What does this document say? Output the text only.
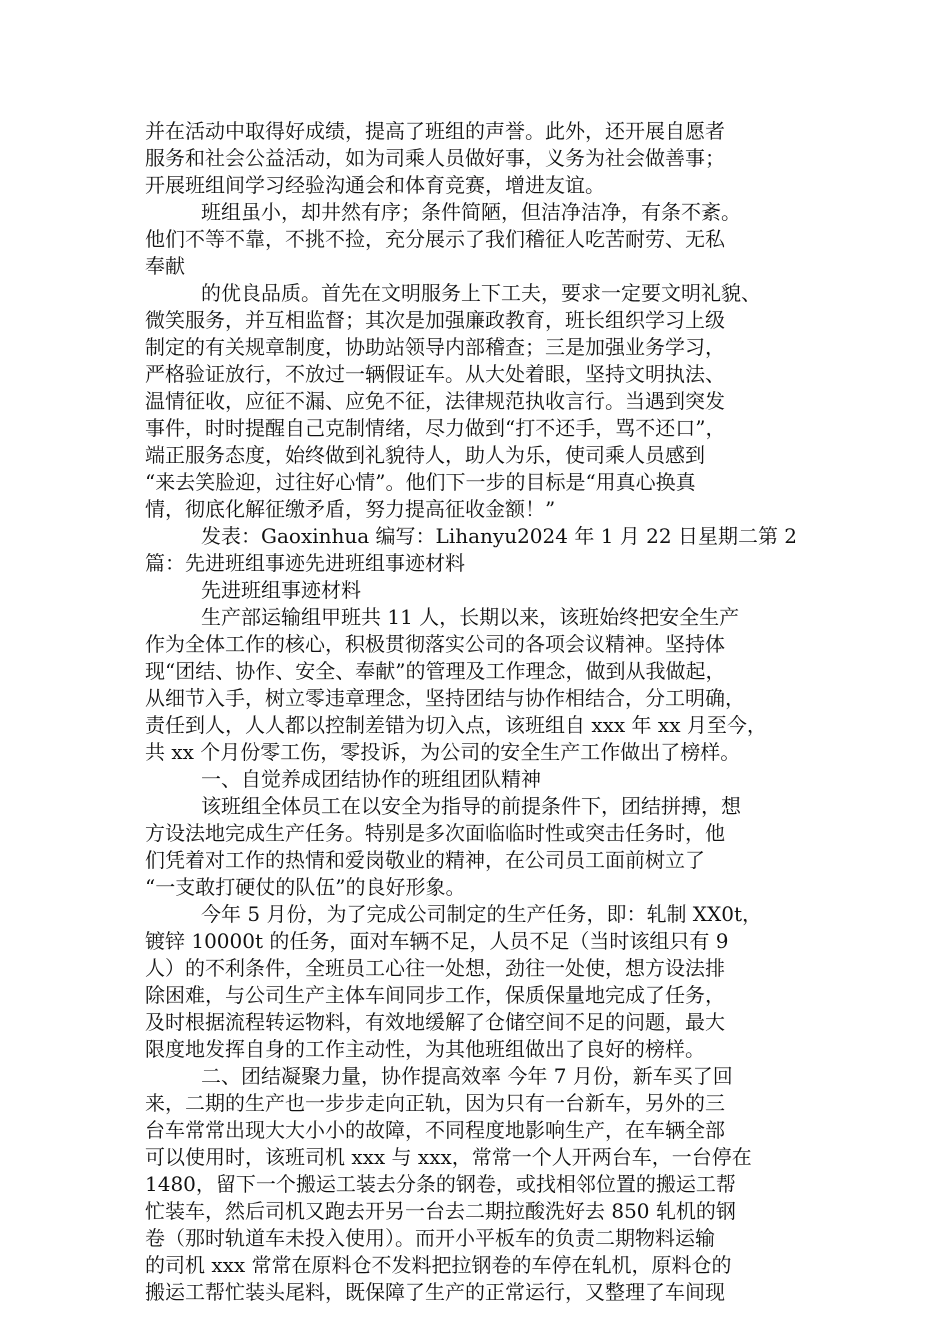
并在活动中取得好成绩，提高了班组的声誉。此外，还开展自愿者
服务和社会公益活动，如为司乘人员做好事，义务为社会做善事；
开展班组间学习经验沟通会和体育竞赛，增进友谊。
班组虽小，却井然有序；条件简陋，但洁净洁净，有条不紊。
他们不等不靠，不挑不捡，充分展示了我们稽征人吃苦耐劳、无私
奉献
的优良品质。首先在文明服务上下工夫，要求一定要文明礼貌、
微笑服务，并互相监督；其次是加强廉政教育，班长组织学习上级
制定的有关规章制度，协助站领导内部稽查；三是加强业务学习，
严格验证放行，不放过一辆假证车。从大处着眼，坚持文明执法、
温情征收，应征不漏、应免不征，法律规范执收言行。当遇到突发
事件，时时提醒自己克制情绪，尽力做到“打不还手，骂不还口”，
端正服务态度，始终做到礼貌待人，助人为乐，使司乘人员感到
“来去笑脸迎，过往好心情”。他们下一步的目标是“用真心换真
情，彻底化解征缴矛盾，努力提高征收金额！”
发表：Gaoxinhua 编写：Lihanyu2024 年 1 月 22 日星期二第 2
篇：先进班组事迹先进班组事迹材料
先进班组事迹材料
生产部运输组甲班共 11 人，长期以来，该班始终把安全生产
作为全体工作的核心，积极贯彻落实公司的各项会议精神。坚持体
现“团结、协作、安全、奉献”的管理及工作理念，做到从我做起，
从细节入手，树立零违章理念，坚持团结与协作相结合，分工明确，
责任到人，人人都以控制差错为切入点，该班组自 xxx 年 xx 月至今，
共 xx 个月份零工伤，零投诉，为公司的安全生产工作做出了榜样。
一、自觉养成团结协作的班组团队精神
该班组全体员工在以安全为指导的前提条件下，团结拼搏，想
方设法地完成生产任务。特别是多次面临临时性或突击任务时，他
们凭着对工作的热情和爱岗敬业的精神，在公司员工面前树立了
“一支敢打硬仗的队伍”的良好形象。
今年 5 月份，为了完成公司制定的生产任务，即：轧制 XX0t，
镀锌 10000t 的任务，面对车辆不足，人员不足（当时该组只有 9
人）的不利条件，全班员工心往一处想，劲往一处使，想方设法排
除困难，与公司生产主体车间同步工作，保质保量地完成了任务，
及时根据流程转运物料，有效地缓解了仓储空间不足的问题，最大
限度地发挥自身的工作主动性，为其他班组做出了良好的榜样。
二、团结凝聚力量，协作提高效率 今年 7 月份，新车买了回
来，二期的生产也一步步走向正轨，因为只有一台新车，另外的三
台车常常出现大大小小的故障，不同程度地影响生产，在车辆全部
可以使用时，该班司机 xxx 与 xxx，常常一个人开两台车，一台停在
1480，留下一个搬运工装去分条的钢卷，或找相邻位置的搬运工帮
忙装车，然后司机又跑去开另一台去二期拉酸洗好去 850 轧机的钢
卷（那时轨道车未投入使用）。而开小平板车的负责二期物料运输
的司机 xxx 常常在原料仓不发料把拉钢卷的车停在轧机，原料仓的
搬运工帮忙装头尾料，既保障了生产的正常运行，又整理了车间现
